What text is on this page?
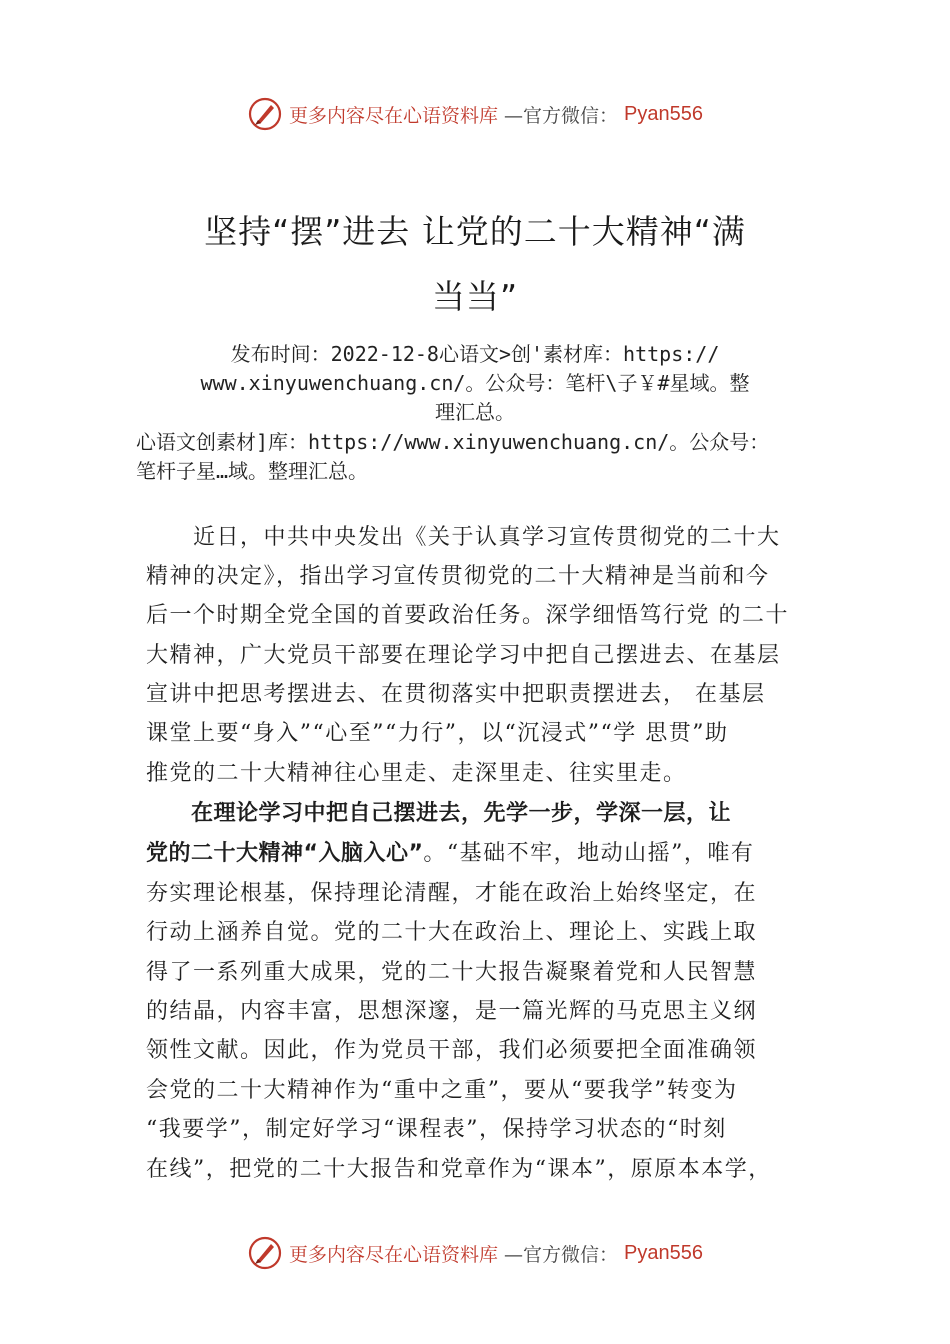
更多内容尽在心语资料库 —官方微信： Pyan556
坚持“摆”进去 让党的二十大精神“满
当当”
发布时间：2022-12-8心语文>创'素材库：https://
www.xinyuwenchuang.cn/。公众号：笔杆\子￥#星域。整
理汇总。
心语文创素材]库：https://www.xinyuwenchuang.cn/。公众号：
笔杆子星…域。整理汇总。
　　近日，中共中央发出《关于认真学习宣传贯彻党的二十大
精神的决定》，指出学习宣传贯彻党的二十大精神是当前和今
后一个时期全党全国的首要政治任务。深学细悟笃行党 的二十
大精神，广大党员干部要在理论学习中把自己摆进去、在基层
宣讲中把思考摆进去、在贯彻落实中把职责摆进去， 在基层
课堂上要“身入”“心至”“力行”，以“沉浸式”“学 思贯”助
推党的二十大精神往心里走、走深里走、往实里走。
　　在理论学习中把自己摆进去，先学一步，学深一层，让
党的二十大精神“入脑入心”。“基础不牢，地动山摇”，唯有
夯实理论根基，保持理论清醒，才能在政治上始终坚定，在
行动上涵养自觉。党的二十大在政治上、理论上、实践上取
得了一系列重大成果，党的二十大报告凝聚着党和人民智慧
的结晶，内容丰富，思想深邃，是一篇光辉的马克思主义纲
领性文献。因此，作为党员干部，我们必须要把全面准确领
会党的二十大精神作为“重中之重”，要从“要我学”转变为
“我要学”，制定好学习“课程表”，保持学习状态的“时刻
在线”，把党的二十大报告和党章作为“课本”，原原本本学，
更多内容尽在心语资料库 —官方微信： Pyan556
